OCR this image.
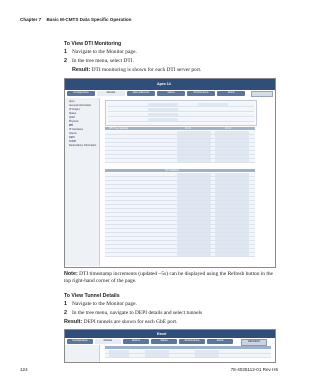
Chapter 7 Basic M-CMTS Data Specific Operation
To View DTI Monitoring
1 Navigate to the Monitor page.
2 In the tree menu, select DTI.
Result: DTI monitoring is shown for each DTI server port.
Apex 14
Configuration	Monitor	Alarms/Events	Status	Performance	About
Apex
General Information
IP Output
Status
QAM
Physical
DTI
IP Interfaces
Clients
DEPI
SNMP
Redundancy Information
DTI Time Settings	Port 1	Port 2
DTI Statistics
Note: DTI timestamp increments (updated ~5s) can be displayed using the Refresh button in the top right-hand corner of the page.
To View Tunnel Details
1 Navigate to the Monitor page.
2 In the tree menu, navigate to DEPI details and select tunnels
Result: DEPI tunnels are shown for each GbE port.
Excel
Configuration	Monitor	Alarms	Status	Performance	About	REFRESH
124	78-4025112-01 Rev H5
